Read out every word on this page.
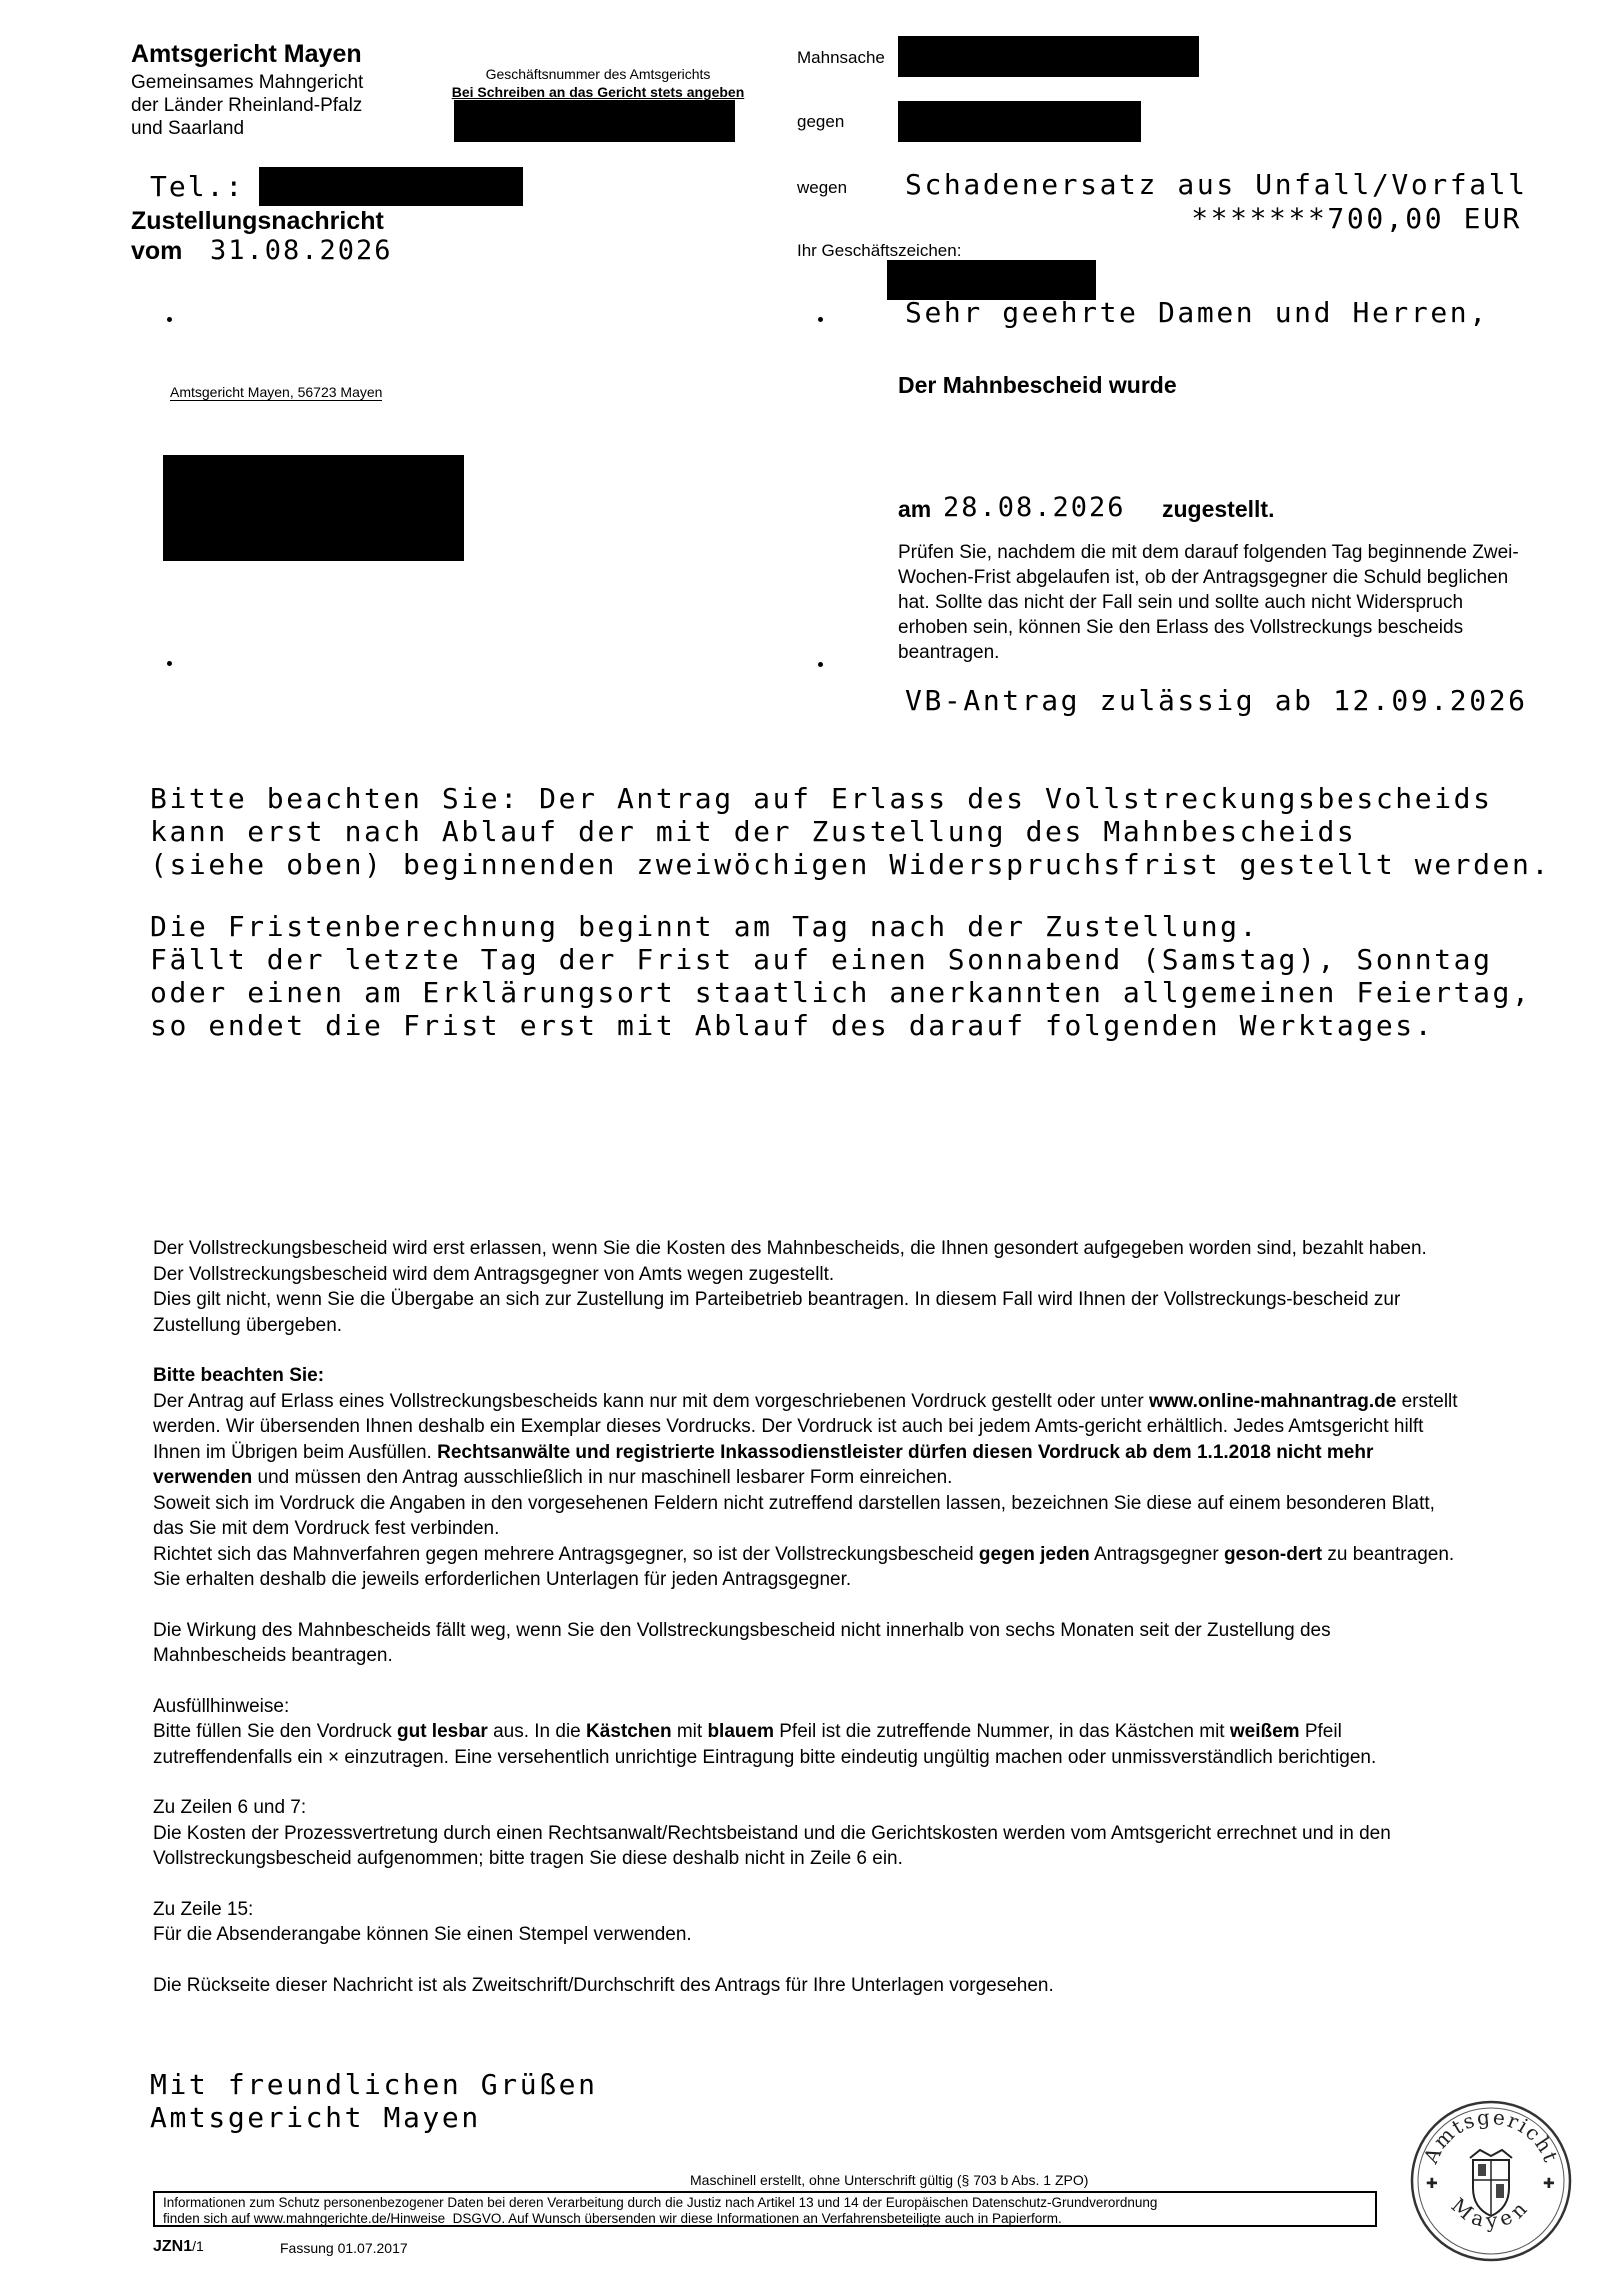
Amtsgericht Mayen
Gemeinsames Mahngericht
der Länder Rheinland-Pfalz
und Saarland
Geschäftsnummer des Amtsgerichts
Bei Schreiben an das Gericht stets angeben
Tel.:
Zustellungsnachricht
vom 31.08.2026
Amtsgericht Mayen, 56723 Mayen
Mahnsache
gegen
wegen Schadenersatz aus Unfall/Vorfall
*******700,00 EUR
Ihr Geschäftszeichen:
Sehr geehrte Damen und Herren,
Der Mahnbescheid wurde
am 28.08.2026 zugestellt.
Prüfen Sie, nachdem die mit dem darauf folgenden Tag beginnende Zwei-Wochen-Frist abgelaufen ist, ob der Antragsgegner die Schuld beglichen hat. Sollte das nicht der Fall sein und sollte auch nicht Widerspruch erhoben sein, können Sie den Erlass des Vollstreckungs bescheids beantragen.
VB-Antrag zulässig ab 12.09.2026
Bitte beachten Sie: Der Antrag auf Erlass des Vollstreckungsbescheids
kann erst nach Ablauf der mit der Zustellung des Mahnbescheids
(siehe oben) beginnenden zweiwöchigen Widerspruchsfrist gestellt werden.
Die Fristenberechnung beginnt am Tag nach der Zustellung.
Fällt der letzte Tag der Frist auf einen Sonnabend (Samstag), Sonntag
oder einen am Erklärungsort staatlich anerkannten allgemeinen Feiertag,
so endet die Frist erst mit Ablauf des darauf folgenden Werktages.
Der Vollstreckungsbescheid wird erst erlassen, wenn Sie die Kosten des Mahnbescheids, die Ihnen gesondert aufgegeben worden sind, bezahlt haben.
Der Vollstreckungsbescheid wird dem Antragsgegner von Amts wegen zugestellt.
Dies gilt nicht, wenn Sie die Übergabe an sich zur Zustellung im Parteibetrieb beantragen. In diesem Fall wird Ihnen der Vollstreckungs-bescheid zur Zustellung übergeben.
Bitte beachten Sie:
Der Antrag auf Erlass eines Vollstreckungsbescheids kann nur mit dem vorgeschriebenen Vordruck gestellt oder unter www.online-mahnantrag.de erstellt werden. Wir übersenden Ihnen deshalb ein Exemplar dieses Vordrucks. Der Vordruck ist auch bei jedem Amts-gericht erhältlich. Jedes Amtsgericht hilft Ihnen im Übrigen beim Ausfüllen. Rechtsanwälte und registrierte Inkassodienstleister dürfen diesen Vordruck ab dem 1.1.2018 nicht mehr verwenden und müssen den Antrag ausschließlich in nur maschinell lesbarer Form einreichen.
Soweit sich im Vordruck die Angaben in den vorgesehenen Feldern nicht zutreffend darstellen lassen, bezeichnen Sie diese auf einem besonderen Blatt, das Sie mit dem Vordruck fest verbinden.
Richtet sich das Mahnverfahren gegen mehrere Antragsgegner, so ist der Vollstreckungsbescheid gegen jeden Antragsgegner geson-dert zu beantragen. Sie erhalten deshalb die jeweils erforderlichen Unterlagen für jeden Antragsgegner.
Die Wirkung des Mahnbescheids fällt weg, wenn Sie den Vollstreckungsbescheid nicht innerhalb von sechs Monaten seit der Zustellung des Mahnbescheids beantragen.
Ausfüllhinweise:
Bitte füllen Sie den Vordruck gut lesbar aus. In die Kästchen mit blauem Pfeil ist die zutreffende Nummer, in das Kästchen mit weißem Pfeil zutreffendenfalls ein × einzutragen. Eine versehentlich unrichtige Eintragung bitte eindeutig ungültig machen oder unmissverständlich berichtigen.
Zu Zeilen 6 und 7:
Die Kosten der Prozessvertretung durch einen Rechtsanwalt/Rechtsbeistand und die Gerichtskosten werden vom Amtsgericht errechnet und in den Vollstreckungsbescheid aufgenommen; bitte tragen Sie diese deshalb nicht in Zeile 6 ein.
Zu Zeile 15:
Für die Absenderangabe können Sie einen Stempel verwenden.
Die Rückseite dieser Nachricht ist als Zweitschrift/Durchschrift des Antrags für Ihre Unterlagen vorgesehen.
Mit freundlichen Grüßen
Amtsgericht Mayen
Amtsgericht
Mayen
✚	✚
Maschinell erstellt, ohne Unterschrift gültig (§ 703 b Abs. 1 ZPO)
Informationen zum Schutz personenbezogener Daten bei deren Verarbeitung durch die Justiz nach Artikel 13 und 14 der Europäischen Datenschutz-Grundverordnung
finden sich auf www.mahngerichte.de/Hinweise_DSGVO. Auf Wunsch übersenden wir diese Informationen an Verfahrensbeteiligte auch in Papierform.
JZN1/1	Fassung 01.07.2017
